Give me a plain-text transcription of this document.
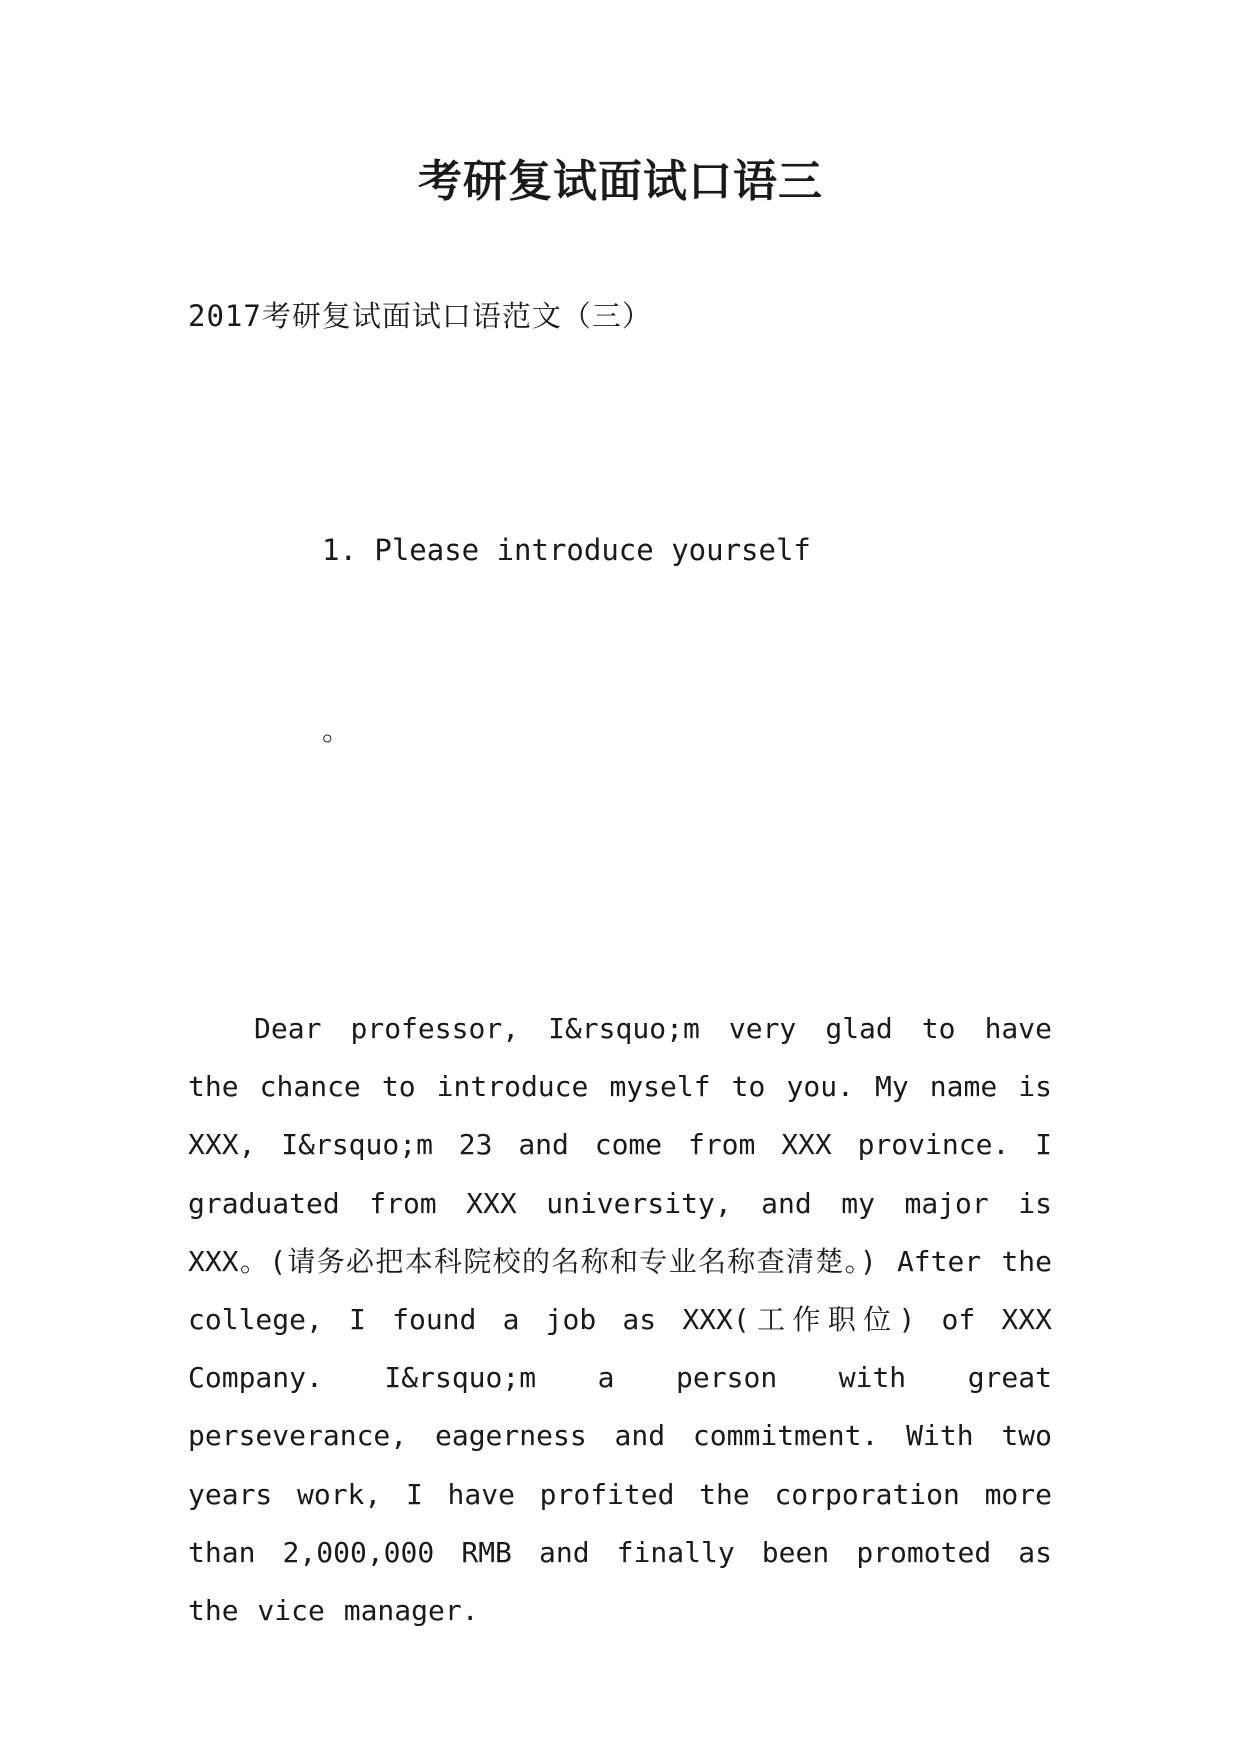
考研复试面试口语三

2017考研复试面试口语范文（三）

1. Please introduce yourself

。

Dear professor, I&rsquo;m very glad to have the chance to introduce myself to you. My name is XXX, I&rsquo;m 23 and come from XXX province. I graduated from XXX university, and my major is XXX。(请务必把本科院校的名称和专业名称查清楚。) After the college, I found a job as XXX(工作职位) of XXX Company. I&rsquo;m a person with great perseverance, eagerness and commitment. With two years work, I have profited the corporation more than 2,000,000 RMB and finally been promoted as the vice manager.
